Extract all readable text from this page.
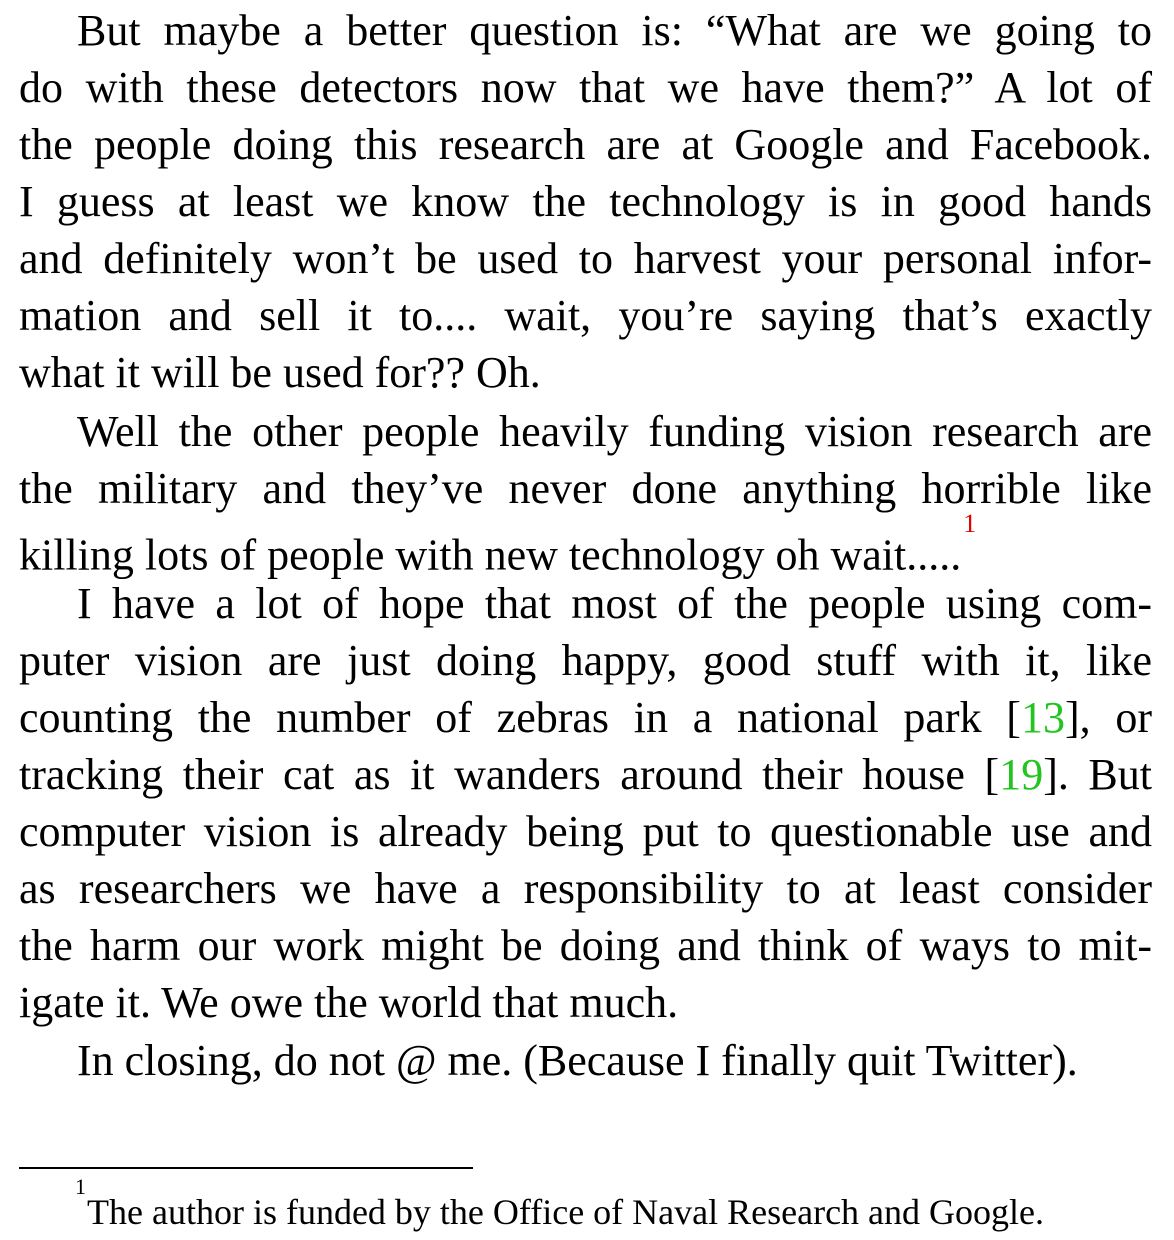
But maybe a better question is: “What are we going to
do with these detectors now that we have them?” A lot of
the people doing this research are at Google and Facebook.
I guess at least we know the technology is in good hands
and definitely won’t be used to harvest your personal infor-
mation and sell it to.... wait, you’re saying that’s exactly
what it will be used for?? Oh.
Well the other people heavily funding vision research are
the military and they’ve never done anything horrible like
killing lots of people with new technology oh wait.....$^1$
I have a lot of hope that most of the people using com-
puter vision are just doing happy, good stuff with it, like
counting the number of zebras in a national park [13], or
tracking their cat as it wanders around their house [19]. But
computer vision is already being put to questionable use and
as researchers we have a responsibility to at least consider
the harm our work might be doing and think of ways to mit-
igate it. We owe the world that much.
In closing, do not @ me. (Because I finally quit Twitter).
$^1$The author is funded by the Office of Naval Research and Google.
